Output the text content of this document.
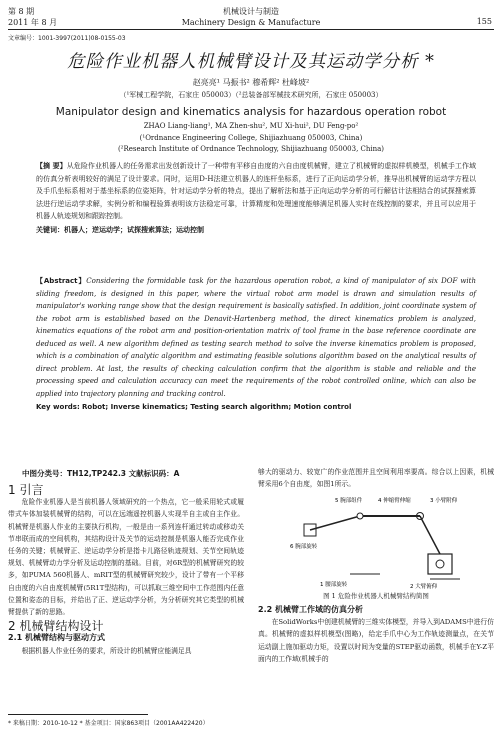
第 8 期
2011 年 8 月
机械设计与制造
Machinery Design & Manufacture	155
文章编号：1001-3997(2011)08-0155-03
危险作业机器人机械臂设计及其运动学分析 *
赵亮亮¹ 马振书² 穆希辉² 杜峰坡²
（¹军械工程学院，石家庄 050003）（²总装备部军械技术研究所，石家庄 050003）
Manipulator design and kinematics analysis for hazardous operation robot
ZHAO Liang-liang¹, MA Zhen-shu², MU Xi-hui², DU Feng-po²
(¹Ordnance Engineering College, Shijiazhuang 050003, China)
(²Research Institute of Ordnance Technology, Shijiazhuang 050003, China)
【摘 要】从危险作业机器人的任务需求出发创新设计了一种带有平移自由度的六自由度机械臂，建立了机械臂的虚拟样机模型，机械手工作域的仿真分析表明较好的满足了设计要求。同时，运用D-H法建立机器人的连杆坐标系，进行了正向运动学分析，推导出机械臂的运动学方程以及手爪坐标系相对于基坐标系的位姿矩阵，针对运动学分析的特点，提出了解析法和基于正向运动学分析的可行解估计法相结合的试探搜索算法进行逆运动学求解，实例分析和编程验算表明该方法稳定可靠，计算精度和处理速度能够满足机器人实时在线控制的要求，并且可以应用于机器人轨迹规划和跟踪控制。
关键词：机器人；逆运动学；试探搜索算法；运动控制
【Abstract】Considering the formidable task for the hazardous operation robot, a kind of manipulator of six DOF with sliding freedom, is designed in this paper, where the virtual robot arm model is drawn and simulation results of manipulator's working range show that the design requirement is basically satisfied. In addition, joint coordinate system of the robot arm is established based on the Denavit-Hartenberg method, the direct kinematics problem is analyzed, kinematics equations of the robot arm and position-orientation matrix of tool frame in the base reference coordinate are deduced as well. A new algorithm defined as testing search method to solve the inverse kinematics problem is proposed, which is a combination of analytic algorithm and estimating feasible solutions algorithm based on the analytical results of direct problem. At last, the results of checking calculation confirm that the algorithm is stable and reliable and the processing speed and calculation accuracy can meet the requirements of the robot controlled online, which can also be applied into trajectory planning and tracking control.
Key words: Robot; Inverse kinematics; Testing search algorithm; Motion control
中图分类号：TH12,TP242.3 文献标识码：A
1 引言
危险作业机器人是当前机器人领域研究的一个热点，它一般采用轮式或履带式车体加装机械臂的结构，可以在远端遥控机器人实现半自主或自主作业。机械臂是机器人作业的主要执行机构，一般是由一系列连杆通过转动或移动关节串联而成的空间机构，其结构设计及关节的运动控制是机器人能否完成作业任务的关键；机械臂正、逆运动学分析是指卡儿路径轨迹规划、关节空间轨迹规划、机械臂动力学分析及运动控制的基础。目前，对6R型的机械臂研究的较多，如PUMA 560机器人、mRIT型的机械臂研究较少，设计了带有一个平移自由度的六自由度机械臂(5R1T型结构)，可以抓取三维空间中工作范围内任意位置和姿态的目标，并给出了正、逆运动学分析，为分析研究其它类型的机械臂提供了新的思路。
2 机械臂结构设计
2.1 机械臂结构与驱动方式
根据机器人作业任务的要求，所设计的机械臂应能满足具
够大的驱动力、较宽广的作业范围并且空间利用率要高。综合以上因素，机械臂采用6个自由度，如图1所示。
5 腕部组件	4 伸缩臂伸缩	3 小臂附仰
6 腕部旋转
1 腰部旋转	2 大臂俯仰
图 1 危险作业机器人机械臂结构简图
2.2 机械臂工作域的仿真分析
在SolidWorks中创建机械臂的三维实体模型，并导入到ADAMS中进行仿真。机械臂的虚拟样机模型(图略)，给定手爪中心为工作轨迹测量点，在关节运动副上施加驱动力矩，设置以时间为变量的STEP驱动函数，机械手在Y-Z平面内的工作域(机械手的
* 来稿日期：2010-10-12 * 基金项目：国家863项目（2001AA422420）
